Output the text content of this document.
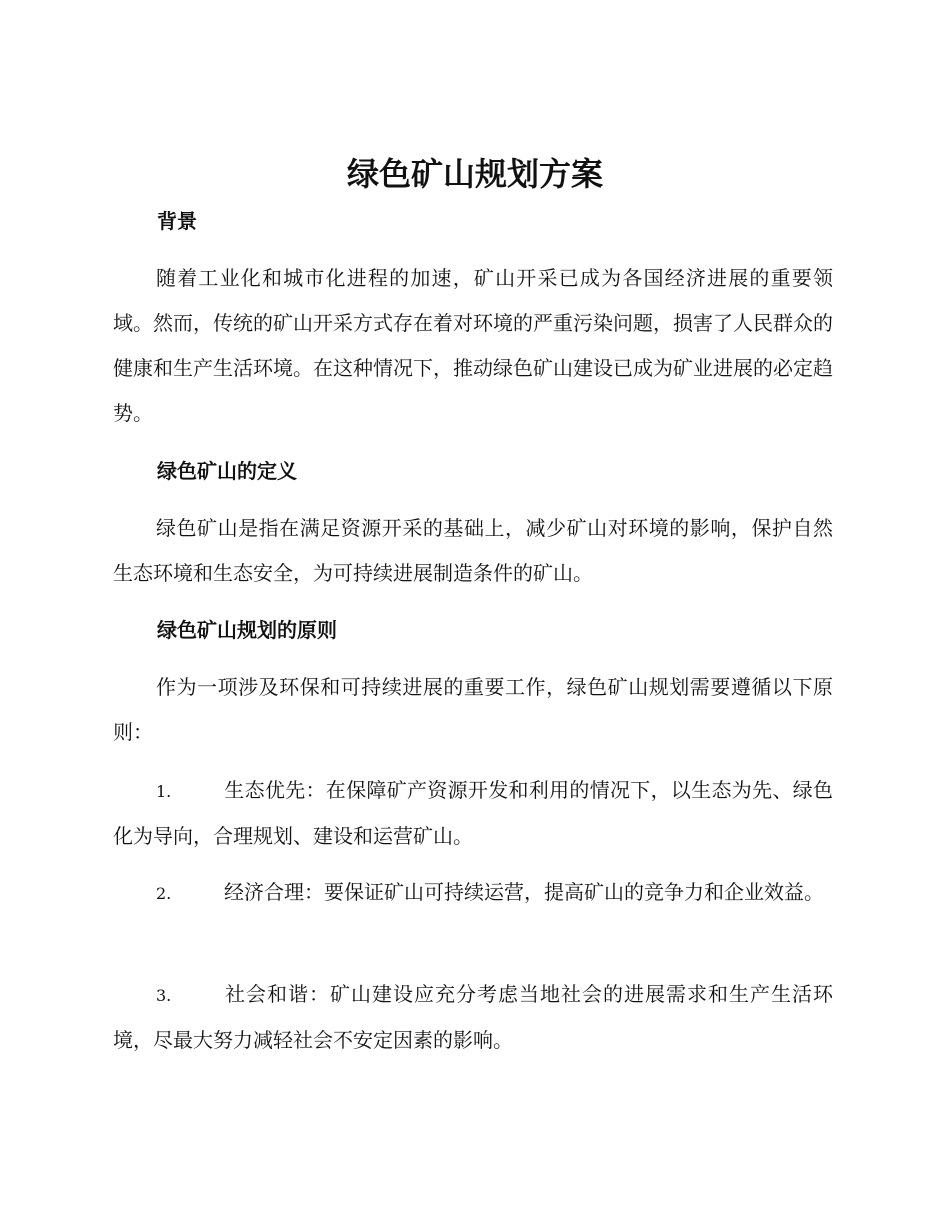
绿色矿山规划方案
背景

随着工业化和城市化进程的加速，矿山开采已成为各国经济进展的重要领域。然而，传统的矿山开采方式存在着对环境的严重污染问题，损害了人民群众的健康和生产生活环境。在这种情况下，推动绿色矿山建设已成为矿业进展的必定趋势。

绿色矿山的定义

绿色矿山是指在满足资源开采的基础上，减少矿山对环境的影响，保护自然生态环境和生态安全，为可持续进展制造条件的矿山。

绿色矿山规划的原则

作为一项涉及环保和可持续进展的重要工作，绿色矿山规划需要遵循以下原则：

1.	生态优先：在保障矿产资源开发和利用的情况下，以生态为先、绿色化为导向，合理规划、建设和运营矿山。

2.	经济合理：要保证矿山可持续运营，提高矿山的竞争力和企业效益。

3.	社会和谐：矿山建设应充分考虑当地社会的进展需求和生产生活环境，尽最大努力减轻社会不安定因素的影响。
